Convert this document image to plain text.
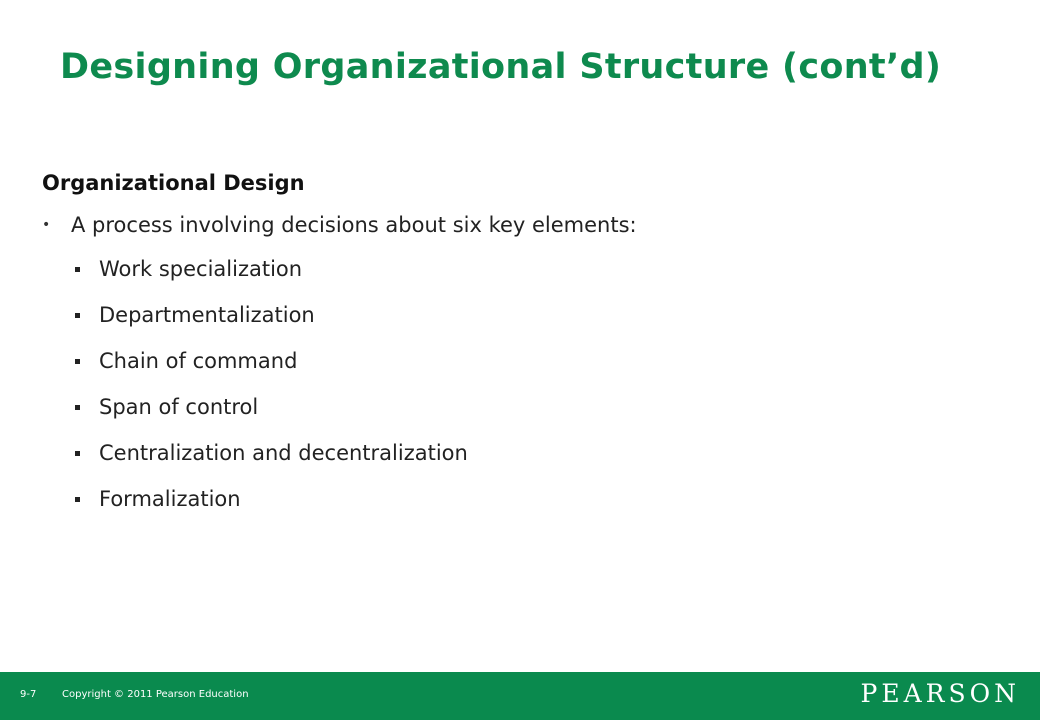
Designing Organizational Structure (cont’d)

Organizational Design

• A process involving decisions about six key elements:
Work specialization
Departmentalization
Chain of command
Span of control
Centralization and decentralization
Formalization
9-7	Copyright © 2011 Pearson Education	PEARSON
